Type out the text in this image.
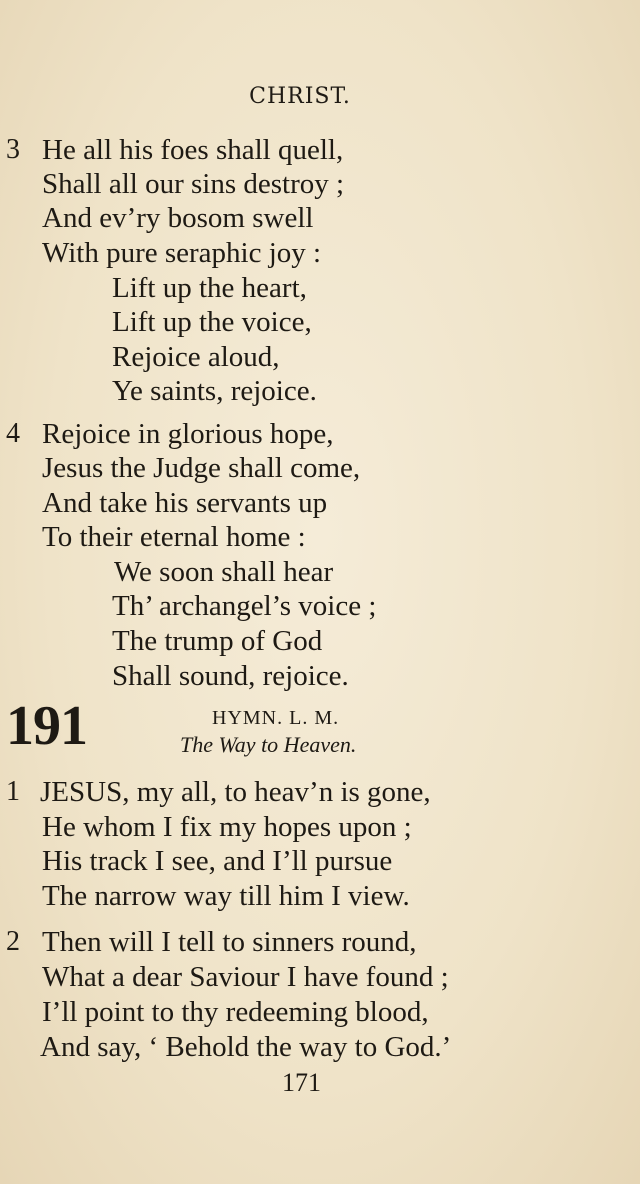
CHRIST.
3 He all his foes shall quell,
Shall all our sins destroy ;
And ev’ry bosom swell
With pure seraphic joy :
Lift up the heart,
Lift up the voice,
Rejoice aloud,
Ye saints, rejoice.
4 Rejoice in glorious hope,
Jesus the Judge shall come,
And take his servants up
To their eternal home :
We soon shall hear
Th’ archangel’s voice ;
The trump of God
Shall sound, rejoice.
191	HYMN. L. M.
The Way to Heaven.
1 JESUS, my all, to heav’n is gone,
He whom I fix my hopes upon ;
His track I see, and I’ll pursue
The narrow way till him I view.
2 Then will I tell to sinners round,
What a dear Saviour I have found ;
I’ll point to thy redeeming blood,
And say, ‘ Behold the way to God.’
171
